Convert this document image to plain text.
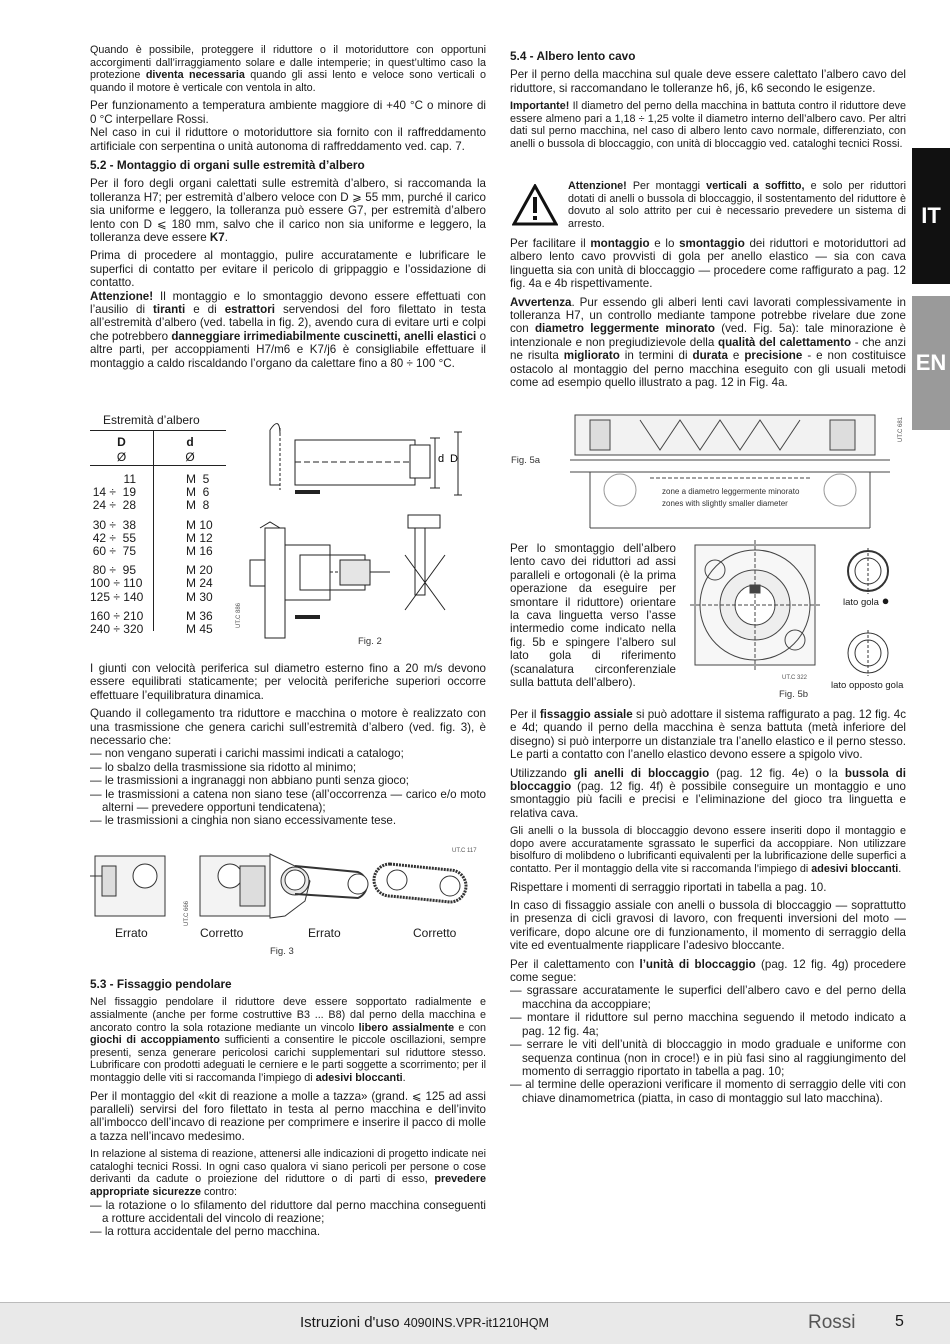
IT
EN

Quando è possibile, proteggere il riduttore o il motoriduttore con opportuni accorgimenti dall’irraggiamento solare e dalle intemperie; in quest’ultimo caso la protezione diventa necessaria quando gli assi lento e veloce sono verticali o quando il motore è verticale con ventola in alto.

Per funzionamento a temperatura ambiente maggiore di +40 °C o minore di 0 °C interpellare Rossi.

Nel caso in cui il riduttore o motoriduttore sia fornito con il raffreddamento artificiale con serpentina o unità autonoma di raffreddamento ved. cap. 7.

5.2 - Montaggio di organi sulle estremità d’albero

Per il foro degli organi calettati sulle estremità d’albero, si raccomanda la tolleranza H7; per estremità d’albero veloce con D ⩾ 55 mm, purché il carico sia uniforme e leggero, la tolleranza può essere G7, per estremità d’albero lento con D ⩽ 180 mm, salvo che il carico non sia uniforme e leggero, la tolleranza deve essere K7.

Prima di procedere al montaggio, pulire accuratamente e lubrificare le superfici di contatto per evitare il pericolo di grippaggio e l’ossidazione di contatto.

Attenzione! Il montaggio e lo smontaggio devono essere effettuati con l’ausilio di tiranti e di estrattori servendosi del foro filettato in testa all’estremità d’albero (ved. tabella in fig. 2), avendo cura di evitare urti e colpi che potrebbero danneggiare irrimediabilmente cuscinetti, anelli elastici o altre parti, per accoppiamenti H7/m6 e K7/j6 è consigliabile effettuare il montaggio a caldo riscaldando l’organo da calettare fino a 80 ÷ 100 °C.

Estremità d’albero
D
Ø
d
Ø
11	M  5
14 ÷  19	M  6
24 ÷  28	M  8
30 ÷  38	M 10
42 ÷  55	M 12
60 ÷  75	M 16
80 ÷  95	M 20
100 ÷ 110	M 24
125 ÷ 140	M 30
160 ÷ 210	M 36
240 ÷ 320	M 45
d D
UT.C 886
Fig. 2

I giunti con velocità periferica sul diametro esterno fino a 20 m/s devono essere equilibrati staticamente; per velocità periferiche superiori occorre effettuare l’equilibratura dinamica.

Quando il collegamento tra riduttore e macchina o motore è realizzato con una trasmissione che genera carichi sull’estremità d’albero (ved. fig. 3), è necessario che:

— non vengano superati i carichi massimi indicati a catalogo;
— lo sbalzo della trasmissione sia ridotto al minimo;
— le trasmissioni a ingranaggi non abbiano punti senza gioco;
— le trasmissioni a catena non siano tese (all’occorrenza — carico e/o moto alterni — prevedere opportuni tendicatena);
— le trasmissioni a cinghia non siano eccessivamente tese.
UT.C 666
UT.C 117
Errato	Corretto	Errato	Corretto
Fig. 3
5.3 - Fissaggio pendolare

Nel fissaggio pendolare il riduttore deve essere sopportato radialmente e assialmente (anche per forme costruttive B3 ... B8) dal perno della macchina e ancorato contro la sola rotazione mediante un vincolo libero assialmente e con giochi di accoppiamento sufficienti a consentire le piccole oscillazioni, sempre presenti, senza generare pericolosi carichi supplementari sul riduttore stesso. Lubrificare con prodotti adeguati le cerniere e le parti soggette a scorrimento; per il montaggio delle viti si raccomanda l’impiego di adesivi bloccanti.

Per il montaggio del «kit di reazione a molle a tazza» (grand. ⩽ 125 ad assi paralleli) servirsi del foro filettato in testa al perno macchina e dell’invito all’imbocco dell’incavo di reazione per comprimere e inserire il pacco di molle a tazza nell’incavo medesimo.

In relazione al sistema di reazione, attenersi alle indicazioni di progetto indicate nei cataloghi tecnici Rossi. In ogni caso qualora vi siano pericoli per persone o cose derivanti da cadute o proiezione del riduttore o di parti di esso, prevedere appropriate sicurezze contro:

— la rotazione o lo sfilamento del riduttore dal perno macchina conseguenti a rotture accidentali del vincolo di reazione;
— la rottura accidentale del perno macchina.
5.4 - Albero lento cavo

Per il perno della macchina sul quale deve essere calettato l’albero cavo del riduttore, si raccomandano le tolleranze h6, j6, k6 secondo le esigenze.

Importante! Il diametro del perno della macchina in battuta contro il riduttore deve essere almeno pari a 1,18 ÷ 1,25 volte il diametro interno dell’albero cavo. Per altri dati sul perno macchina, nel caso di albero lento cavo normale, differenziato, con anelli o bussola di bloccaggio, con unità di bloccaggio ved. cataloghi tecnici Rossi.

Attenzione! Per montaggi verticali a soffitto, e solo per riduttori dotati di anelli o bussola di bloccaggio, il sostentamento del riduttore è dovuto al solo attrito per cui è necessario prevedere un sistema di arresto.

Per facilitare il montaggio e lo smontaggio dei riduttori e motoriduttori ad albero lento cavo provvisti di gola per anello elastico — sia con cava linguetta sia con unità di bloccaggio — procedere come raffigurato a pag. 12 fig. 4a e 4b rispettivamente.

Avvertenza. Pur essendo gli alberi lenti cavi lavorati complessivamente in tolleranza H7, un controllo mediante tampone potrebbe rivelare due zone con diametro leggermente minorato (ved. Fig. 5a): tale minorazione è intenzionale e non pregiudizievole della qualità del calettamento - che anzi ne risulta migliorato in termini di durata e precisione - e non costituisce ostacolo al montaggio del perno macchina eseguito con gli usuali metodi come ad esempio quello illustrato a pag. 12 in Fig. 4a.

zone a diametro leggermente minorato
zones with slightly smaller diameter
Fig. 5a
UT.C 681

Per lo smontaggio dell’albero lento cavo dei riduttori ad assi paralleli e ortogonali (è la prima operazione da eseguire per smontare il riduttore) orientare la cava linguetta verso l’asse intermedio come indicato nella fig. 5b e spingere l’albero sul lato gola di riferimento (scanalatura circonferenziale sulla battuta dell’albero).	UT.C 322
Fig. 5b
lato gola ●
lato opposto gola

Per il fissaggio assiale si può adottare il sistema raffigurato a pag. 12 fig. 4c e 4d; quando il perno della macchina è senza battuta (metà inferiore del disegno) si può interporre un distanziale tra l’anello elastico e il perno stesso. Le parti a contatto con l’anello elastico devono essere a spigolo vivo.

Utilizzando gli anelli di bloccaggio (pag. 12 fig. 4e) o la bussola di bloccaggio (pag. 12 fig. 4f) è possibile conseguire un montaggio e uno smontaggio più facili e precisi e l’eliminazione del gioco tra linguetta e relativa cava.

Gli anelli o la bussola di bloccaggio devono essere inseriti dopo il montaggio e dopo avere accuratamente sgrassato le superfici da accoppiare. Non utilizzare bisolfuro di molibdeno o lubrificanti equivalenti per la lubrificazione delle superfici a contatto. Per il montaggio della vite si raccomanda l’impiego di adesivi bloccanti.

Rispettare i momenti di serraggio riportati in tabella a pag. 10.

In caso di fissaggio assiale con anelli o bussola di bloccaggio — soprattutto in presenza di cicli gravosi di lavoro, con frequenti inversioni del moto — verificare, dopo alcune ore di funzionamento, il momento di serraggio della vite ed eventualmente riapplicare l’adesivo bloccante.

Per il calettamento con l’unità di bloccaggio (pag. 12 fig. 4g) procedere come segue:

— sgrassare accuratamente le superfici dell’albero cavo e del perno della macchina da accoppiare;
— montare il riduttore sul perno macchina seguendo il metodo indicato a pag. 12 fig. 4a;
— serrare le viti dell’unità di bloccaggio in modo graduale e uniforme con sequenza continua (non in croce!) e in più fasi sino al raggiungimento del momento di serraggio riportato in tabella a pag. 10;
— al termine delle operazioni verificare il momento di serraggio delle viti con chiave dinamometrica (piatta, in caso di montaggio sul lato macchina).
Istruzioni d'uso 4090INS.VPR-it1210HQM	Rossi 5
